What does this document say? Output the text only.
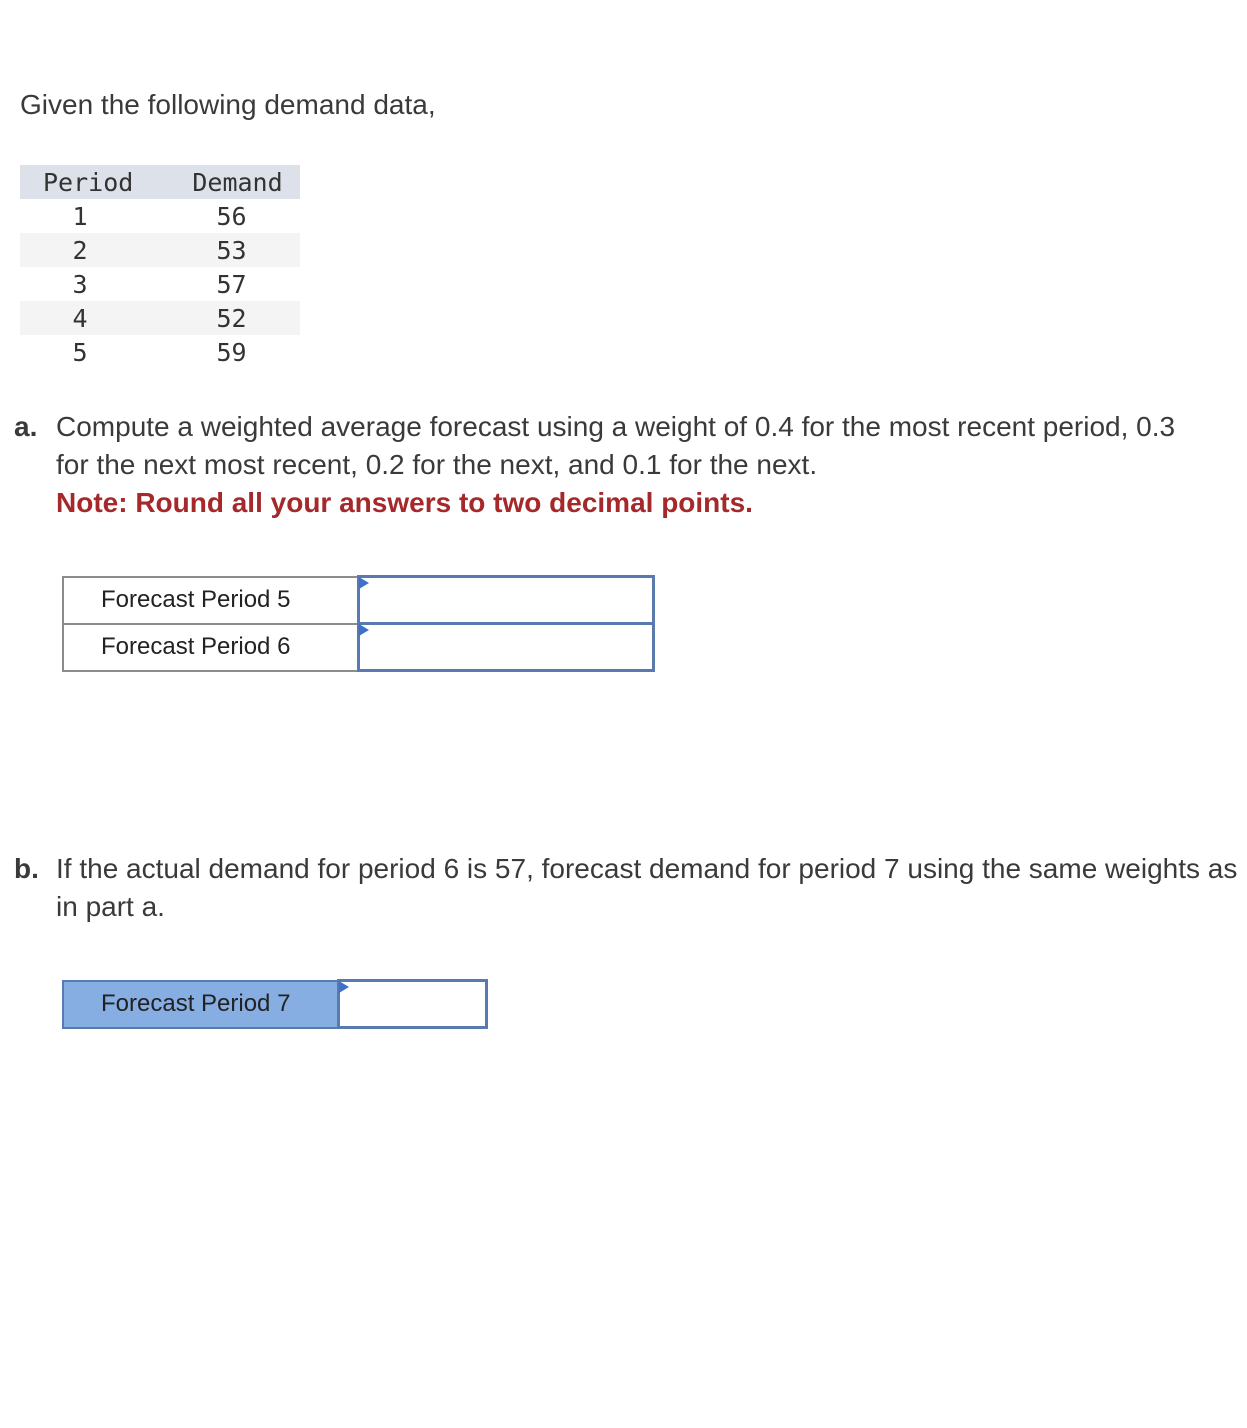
Given the following demand data,
Period	Demand
1	56
2	53
3	57
4	52
5	59
a. Compute a weighted average forecast using a weight of 0.4 for the most recent period, 0.3 for the next most recent, 0.2 for the next, and 0.1 for the next.
Note: Round all your answers to two decimal points.
Forecast Period 5	

Forecast Period 6	
b. If the actual demand for period 6 is 57, forecast demand for period 7 using the same weights as in part a.
Forecast Period 7	
